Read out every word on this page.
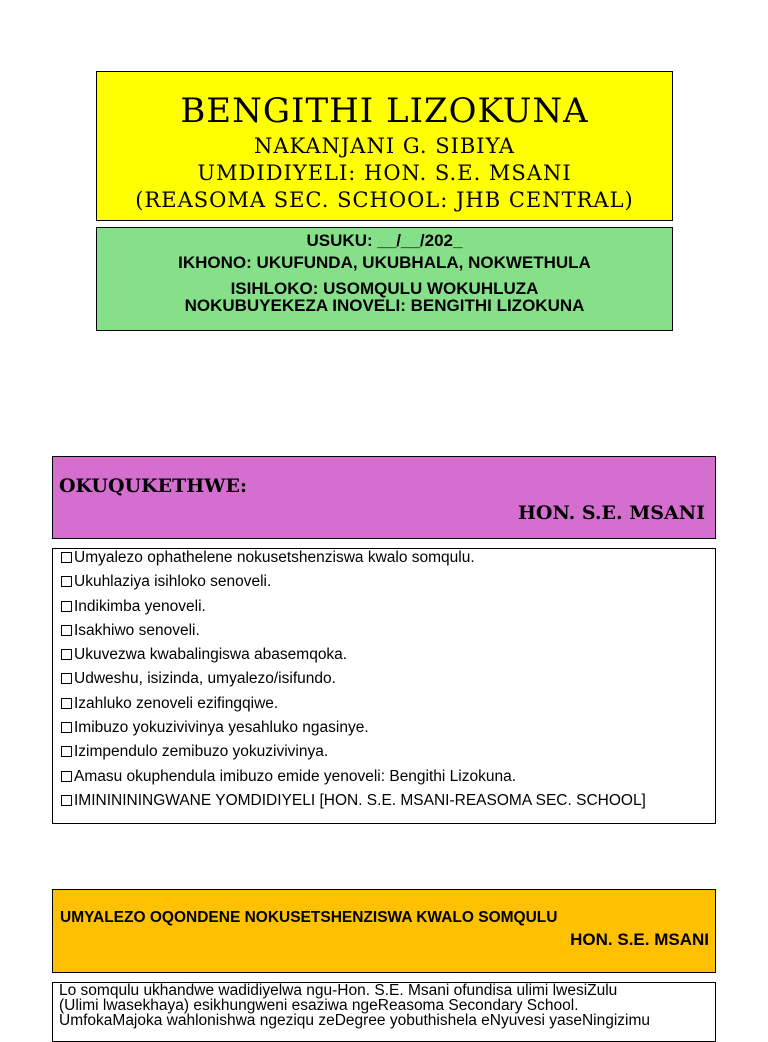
BENGITHI LIZOKUNA
NAKANJANI G. SIBIYA
UMDIDIYELI: HON. S.E. MSANI
(REASOMA SEC. SCHOOL: JHB CENTRAL)
USUKU: __/__/202_
IKHONO: UKUFUNDA, UKUBHALA, NOKWETHULA
ISIHLOKO: USOMQULU WOKUHLUZA
NOKUBUYEKEZA INOVELI: BENGITHI LIZOKUNA
OKUQUKETHWE:
HON. S.E. MSANI
Umyalezo ophathelene nokusetshenziswa kwalo somqulu.
Ukuhlaziya isihloko senoveli.
Indikimba yenoveli.
Isakhiwo senoveli.
Ukuvezwa kwabalingiswa abasemqoka.
Udweshu, isizinda, umyalezo/isifundo.
Izahluko zenoveli ezifingqiwe.
Imibuzo yokuzivivinya yesahluko ngasinye.
Izimpendulo zemibuzo yokuzivivinya.
Amasu okuphendula imibuzo emide yenoveli: Bengithi Lizokuna.
IMININININGWANE YOMDIDIYELI [HON. S.E. MSANI-REASOMA SEC. SCHOOL]
UMYALEZO OQONDENE NOKUSETSHENZISWA KWALO SOMQULU
HON. S.E. MSANI

Lo somqulu ukhandwe wadidiyelwa ngu-Hon. S.E. Msani ofundisa ulimi lwesiZulu

(Ulimi lwasekhaya) esikhungweni esaziwa ngeReasoma Secondary School.

UmfokaMajoka wahlonishwa ngeziqu zeDegree yobuthishela eNyuvesi yaseNingizimu
